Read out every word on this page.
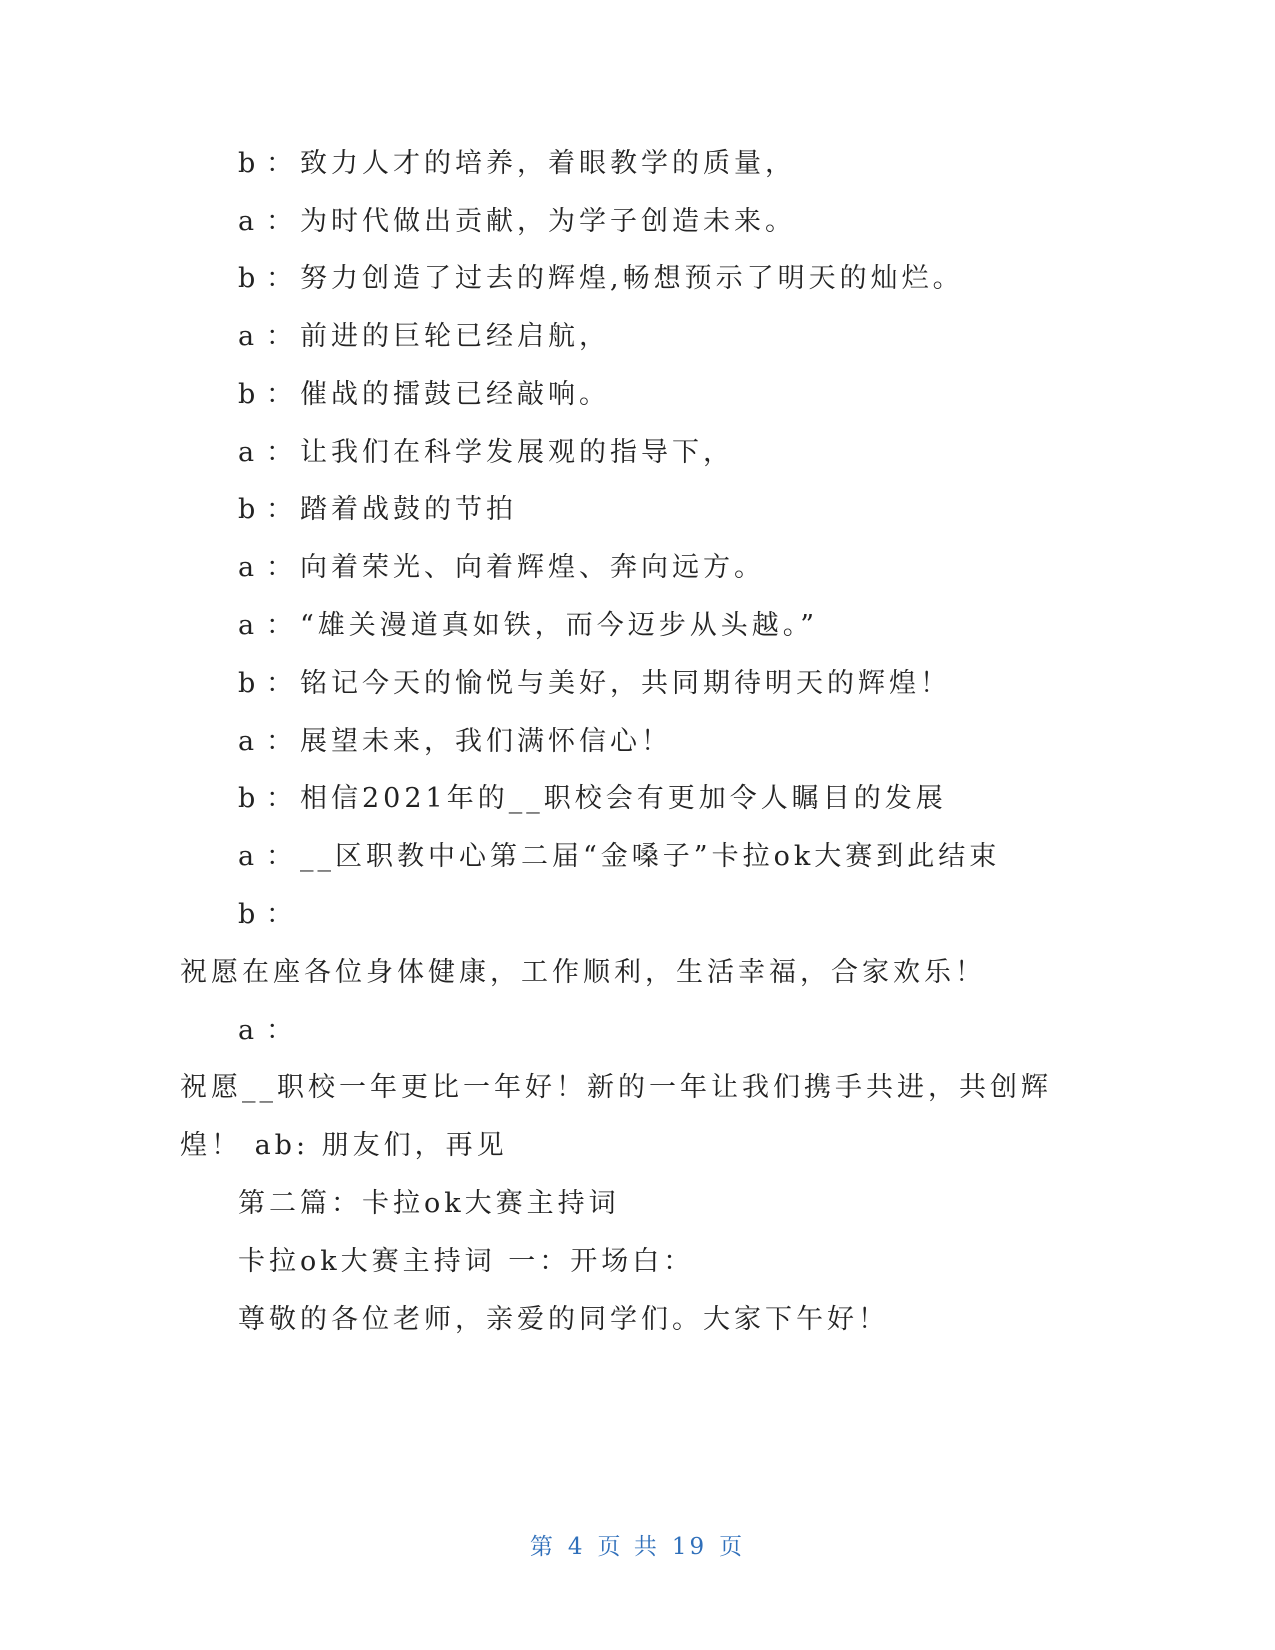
b ： 致力人才的培养，着眼教学的质量，
a ： 为时代做出贡献，为学子创造未来。
b ： 努力创造了过去的辉煌,畅想预示了明天的灿烂。
a ： 前进的巨轮已经启航，
b ： 催战的擂鼓已经敲响。
a ： 让我们在科学发展观的指导下，
b ： 踏着战鼓的节拍
a ： 向着荣光、向着辉煌、奔向远方。
a ： “雄关漫道真如铁，而今迈步从头越。”
b ： 铭记今天的愉悦与美好，共同期待明天的辉煌！
a ： 展望未来，我们满怀信心！
b ： 相信2021年的__职校会有更加令人瞩目的发展
a ： __区职教中心第二届“金嗓子”卡拉ok大赛到此结束
b ：
祝愿在座各位身体健康，工作顺利，生活幸福，合家欢乐！
a ：
祝愿__职校一年更比一年好！新的一年让我们携手共进，共创辉
煌！ ab: 朋友们，再见
第二篇：卡拉ok大赛主持词
卡拉ok大赛主持词 一：开场白：
尊敬的各位老师，亲爱的同学们。大家下午好！
第 4 页 共 19 页
